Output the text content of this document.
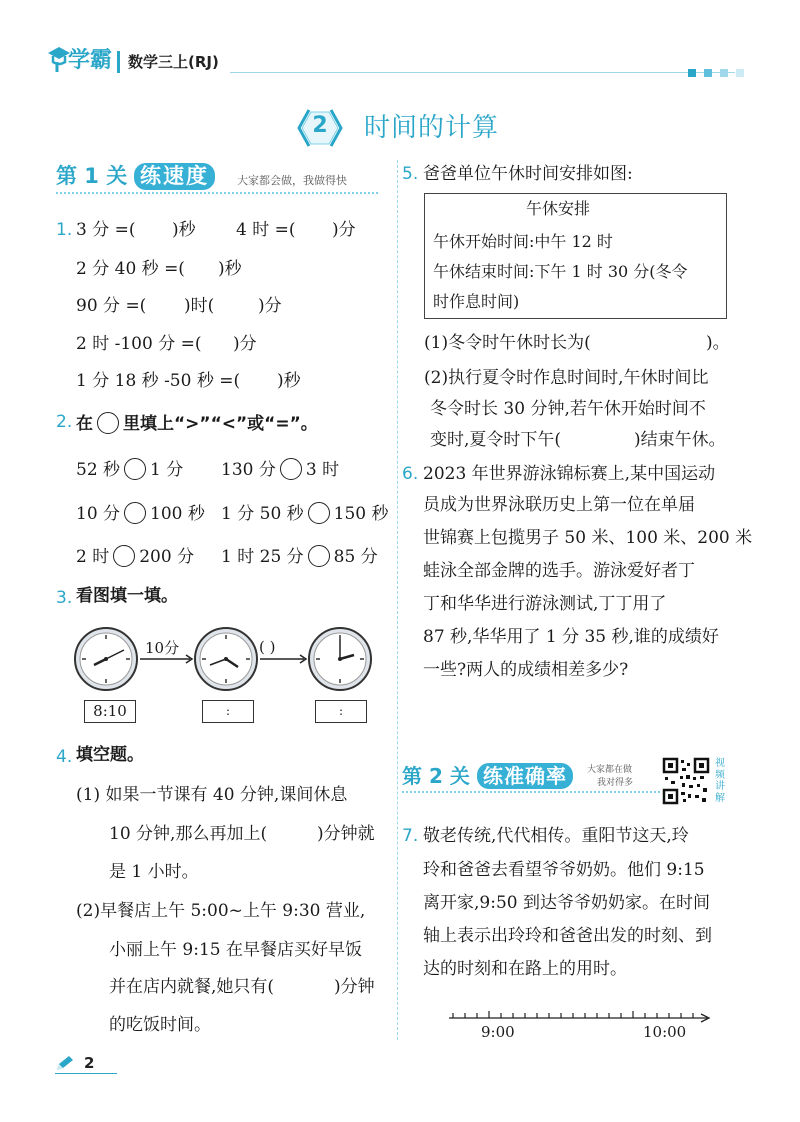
学霸 数学三上(RJ)

2	时间的计算
第 1 关 练速度	大家都会做，我做得快
1. 3 分 =( )秒 4 时 =( )分
2 分 40 秒 =( )秒
90 分 =( )时(	)分
2 时 -100 分 =( )分
1 分 18 秒 -50 秒 =( )秒
2. 在 里填上“>”“<”或“=”。
52 秒 1 分 130 分 3 时
10 分 100 秒 1 分 50 秒 150 秒
2 时 200 分 1 时 25 分 85 分
3. 看图填一填。
10分	( )
8:10	:	:
4. 填空题。
(1) 如果一节课有 40 分钟,课间休息
10 分钟,那么再加上(	)分钟就
是 1 小时。
(2)早餐店上午 5:00~上午 9:30 营业,
小丽上午 9:15 在早餐店买好早饭
并在店内就餐,她只有(	)分钟
的吃饭时间。
5. 爸爸单位午休时间安排如图:
午休安排
午休开始时间:中午 12 时
午休结束时间:下午 1 时 30 分(冬令
时作息时间)
(1)冬令时午休时长为(	)。
(2)执行夏令时作息时间时,午休时间比
冬令时长 30 分钟,若午休开始时间不
变时,夏令时下午(	)结束午休。
6. 2023 年世界游泳锦标赛上,某中国运动
员成为世界泳联历史上第一位在单届
世锦赛上包揽男子 50 米、100 米、200 米
蛙泳全部金牌的选手。游泳爱好者丁
丁和华华进行游泳测试,丁丁用了
87 秒,华华用了 1 分 35 秒,谁的成绩好
一些?两人的成绩相差多少?
第 2 关 练准确率	大家都在做
我对得多
视频讲解
7. 敬老传统,代代相传。重阳节这天,玲
玲和爸爸去看望爷爷奶奶。他们 9:15
离开家,9:50 到达爷爷奶奶家。在时间
轴上表示出玲玲和爸爸出发的时刻、到
达的时刻和在路上的用时。
9:00	10:00
2
